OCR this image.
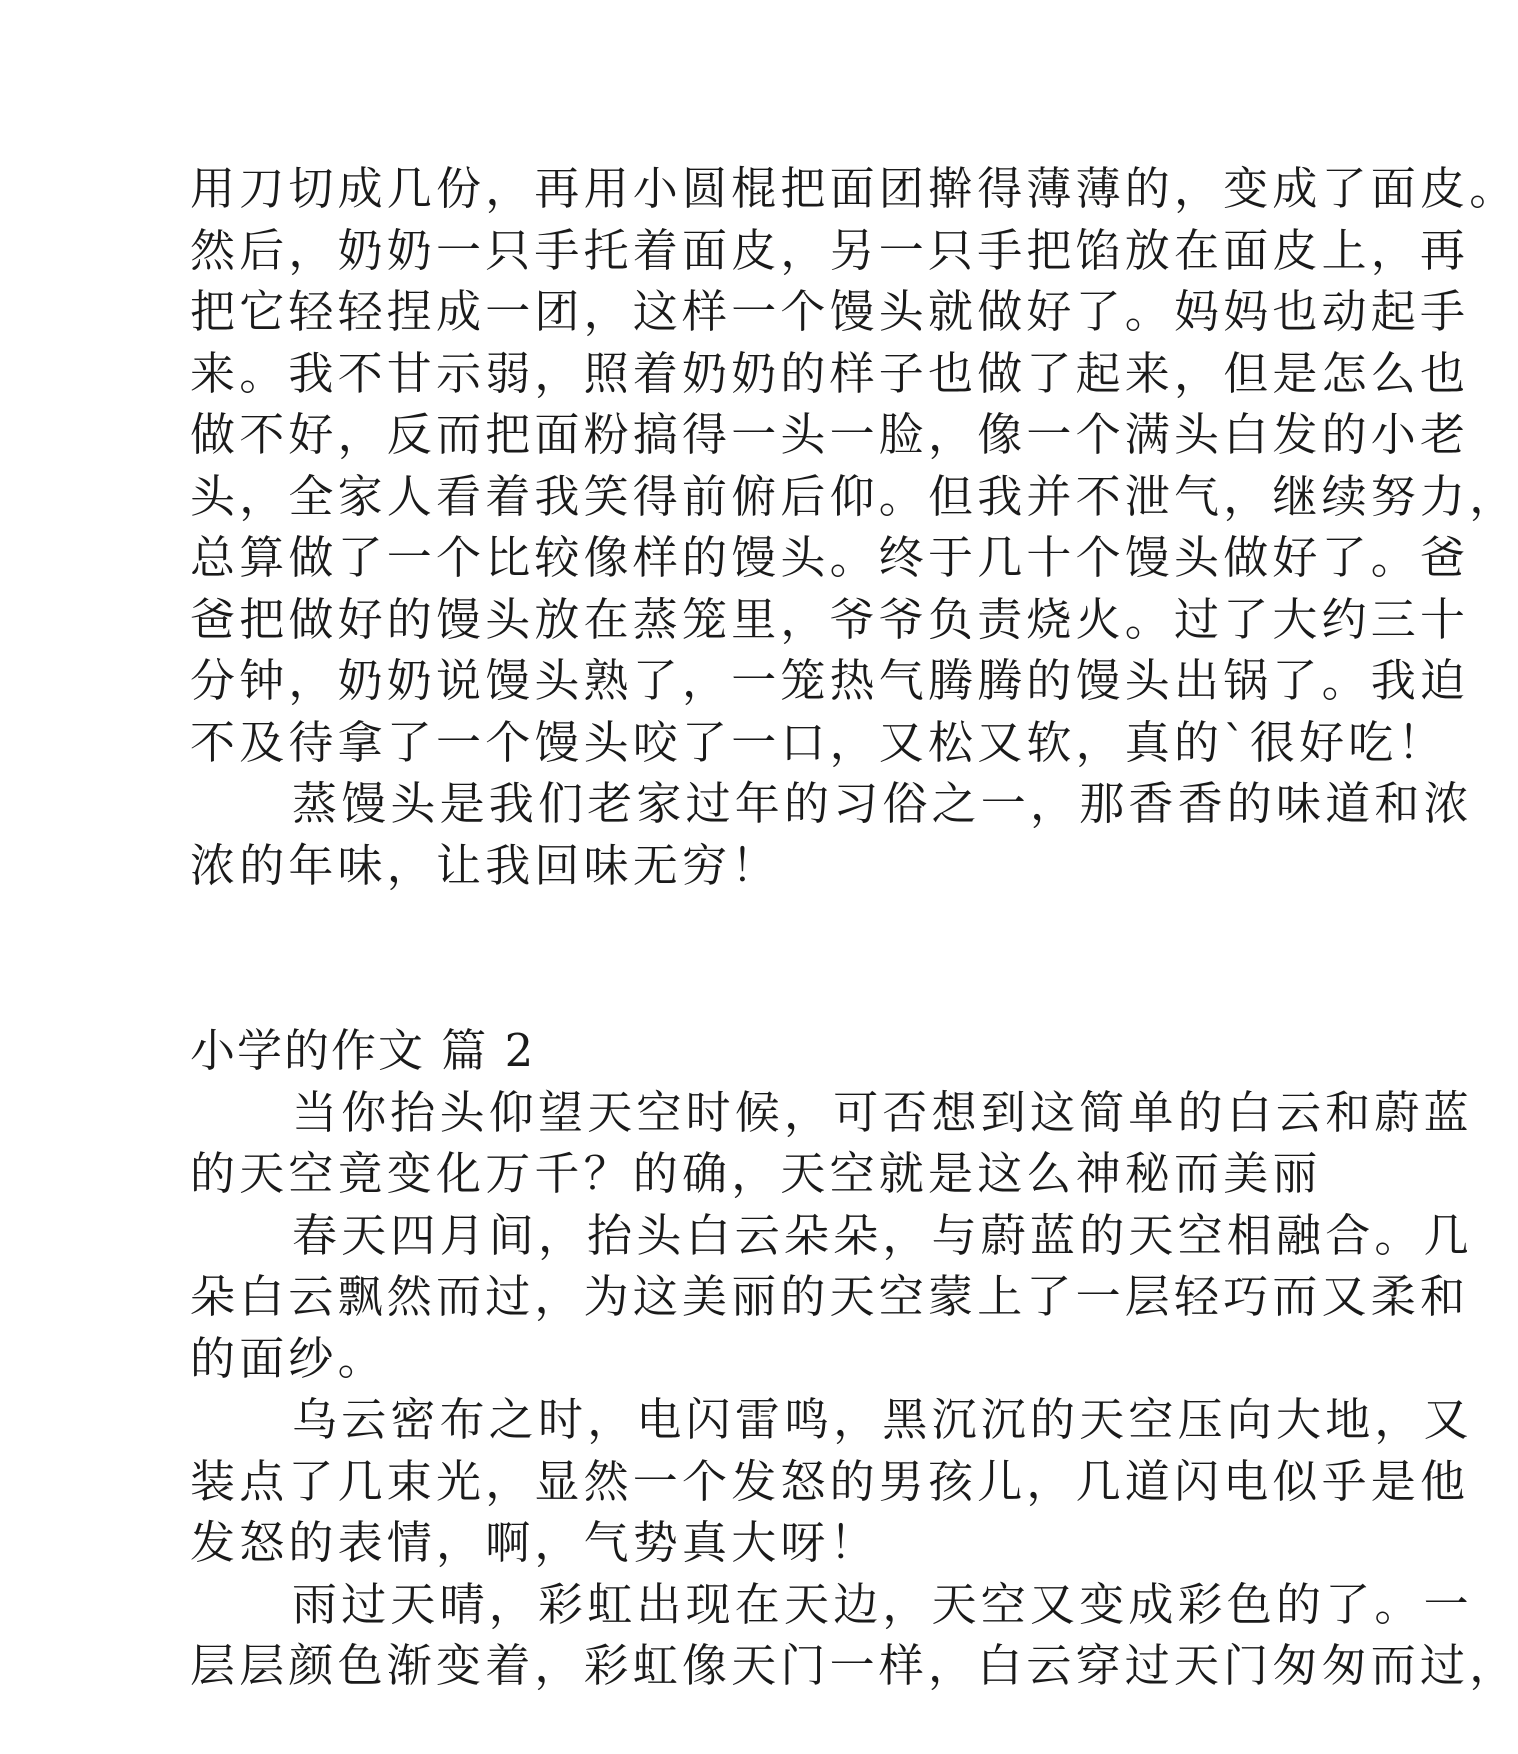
用刀切成几份，再用小圆棍把面团擀得薄薄的，变成了面皮。
然后，奶奶一只手托着面皮，另一只手把馅放在面皮上，再
把它轻轻捏成一团，这样一个馒头就做好了。妈妈也动起手
来。我不甘示弱，照着奶奶的样子也做了起来，但是怎么也
做不好，反而把面粉搞得一头一脸，像一个满头白发的小老
头，全家人看着我笑得前俯后仰。但我并不泄气，继续努力，
总算做了一个比较像样的馒头。终于几十个馒头做好了。爸
爸把做好的馒头放在蒸笼里，爷爷负责烧火。过了大约三十
分钟，奶奶说馒头熟了，一笼热气腾腾的馒头出锅了。我迫
不及待拿了一个馒头咬了一口，又松又软，真的`很好吃！
蒸馒头是我们老家过年的习俗之一，那香香的味道和浓
浓的年味，让我回味无穷！
小学的作文 篇 2
当你抬头仰望天空时候，可否想到这简单的白云和蔚蓝
的天空竟变化万千？的确，天空就是这么神秘而美丽
春天四月间，抬头白云朵朵，与蔚蓝的天空相融合。几
朵白云飘然而过，为这美丽的天空蒙上了一层轻巧而又柔和
的面纱。
乌云密布之时，电闪雷鸣，黑沉沉的天空压向大地，又
装点了几束光，显然一个发怒的男孩儿，几道闪电似乎是他
发怒的表情，啊，气势真大呀！
雨过天晴，彩虹出现在天边，天空又变成彩色的了。一
层层颜色渐变着，彩虹像天门一样，白云穿过天门匆匆而过，
